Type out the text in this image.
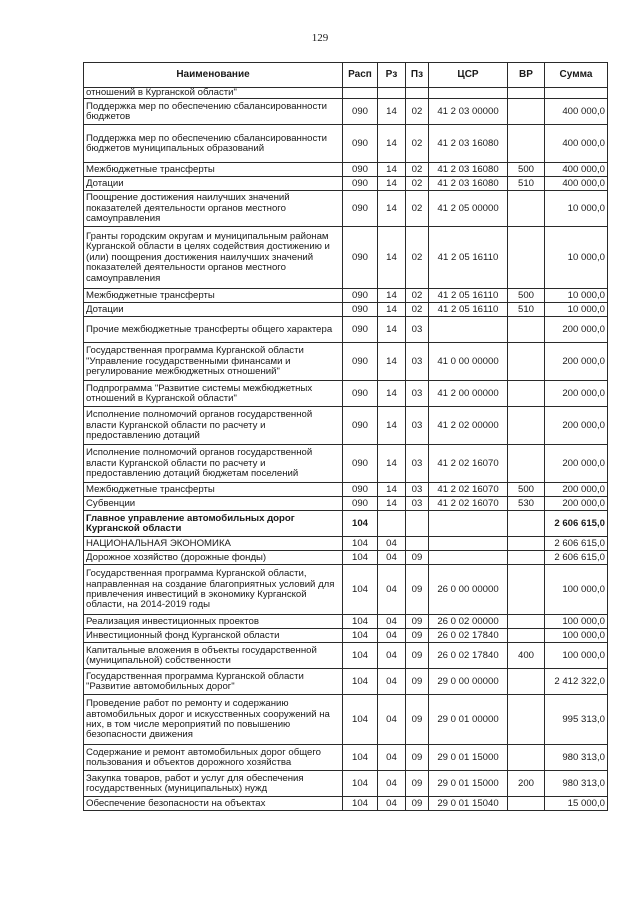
129
Наименование	Расп	Рз	Пз	ЦСР	ВР	Сумма
отношений в Курганской области"						
Поддержка мер по обеспечению сбалансированности бюджетов	090	14	02	41 2 03 00000		400 000,0
Поддержка мер по обеспечению сбалансированности бюджетов муниципальных образований	090	14	02	41 2 03 16080		400 000,0
Межбюджетные трансферты	090	14	02	41 2 03 16080	500	400 000,0
Дотации	090	14	02	41 2 03 16080	510	400 000,0
Поощрение достижения наилучших значений показателей деятельности органов местного самоуправления	090	14	02	41 2 05 00000		10 000,0
Гранты городским округам и муниципальным районам Курганской области в целях содействия достижению и (или) поощрения достижения наилучших значений показателей деятельности органов местного самоуправления	090	14	02	41 2 05 16110		10 000,0
Межбюджетные трансферты	090	14	02	41 2 05 16110	500	10 000,0
Дотации	090	14	02	41 2 05 16110	510	10 000,0
Прочие межбюджетные трансферты общего характера	090	14	03			200 000,0
Государственная программа Курганской области "Управление государственными финансами и регулирование межбюджетных отношений"	090	14	03	41 0 00 00000		200 000,0
Подпрограмма "Развитие системы межбюджетных отношений в Курганской области"	090	14	03	41 2 00 00000		200 000,0
Исполнение полномочий органов государственной власти Курганской области по расчету и предоставлению дотаций	090	14	03	41 2 02 00000		200 000,0
Исполнение полномочий органов государственной власти Курганской области по расчету и предоставлению дотаций бюджетам поселений	090	14	03	41 2 02 16070		200 000,0
Межбюджетные трансферты	090	14	03	41 2 02 16070	500	200 000,0
Субвенции	090	14	03	41 2 02 16070	530	200 000,0
Главное управление автомобильных дорог Курганской области	104					2 606 615,0
НАЦИОНАЛЬНАЯ ЭКОНОМИКА	104	04				2 606 615,0
Дорожное хозяйство (дорожные фонды)	104	04	09			2 606 615,0
Государственная программа Курганской области, направленная на создание благоприятных условий для привлечения инвестиций в экономику Курганской области, на 2014-2019 годы	104	04	09	26 0 00 00000		100 000,0
Реализация инвестиционных проектов	104	04	09	26 0 02 00000		100 000,0
Инвестиционный фонд Курганской области	104	04	09	26 0 02 17840		100 000,0
Капитальные вложения в объекты государственной (муниципальной) собственности	104	04	09	26 0 02 17840	400	100 000,0
Государственная программа Курганской области "Развитие автомобильных дорог"	104	04	09	29 0 00 00000		2 412 322,0
Проведение работ по ремонту и содержанию автомобильных дорог и искусственных сооружений на них, в том числе мероприятий по повышению безопасности движения	104	04	09	29 0 01 00000		995 313,0
Содержание и ремонт автомобильных дорог общего пользования и объектов дорожного хозяйства	104	04	09	29 0 01 15000		980 313,0
Закупка товаров, работ и услуг для обеспечения государственных (муниципальных) нужд	104	04	09	29 0 01 15000	200	980 313,0
Обеспечение безопасности на объектах	104	04	09	29 0 01 15040		15 000,0
